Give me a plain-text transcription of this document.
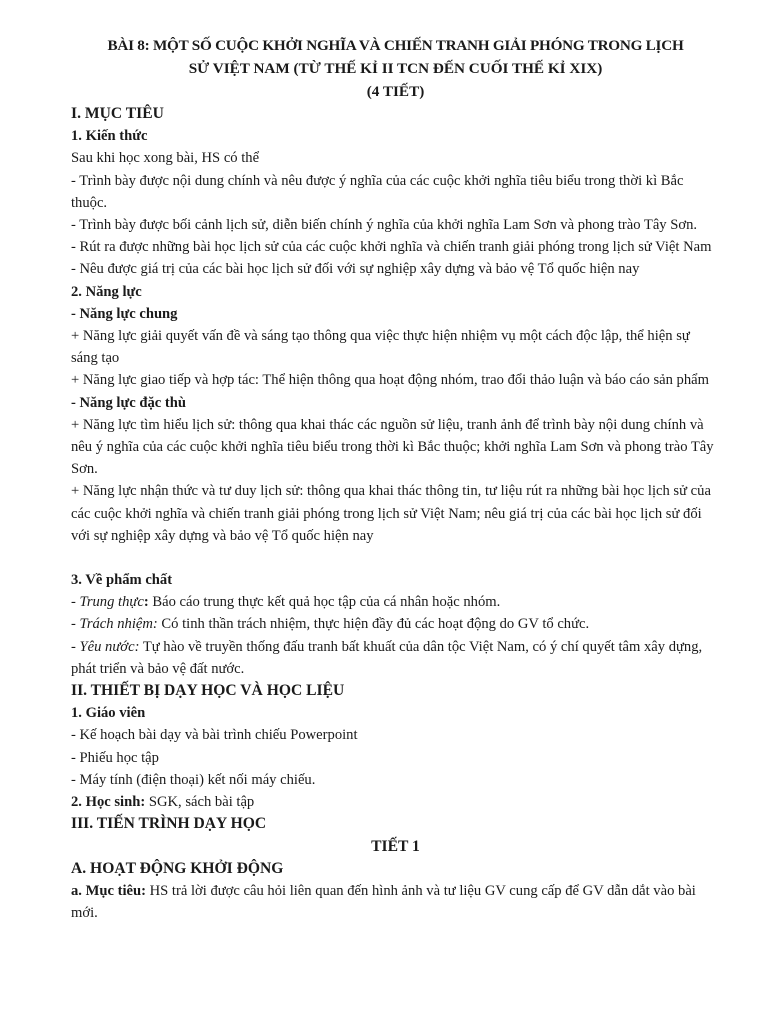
BÀI 8: MỘT SỐ CUỘC KHỞI NGHĨA VÀ CHIẾN TRANH GIẢI PHÓNG TRONG LỊCH

SỬ VIỆT NAM (TỪ THẾ KỈ II TCN ĐẾN CUỐI THẾ KỈ XIX)

(4 TIẾT)

I. MỤC TIÊU

1. Kiến thức

Sau khi học xong bài, HS có thể

- Trình bày được nội dung chính và nêu được ý nghĩa của các cuộc khởi nghĩa tiêu biểu trong thời kì Bắc thuộc.

- Trình bày được bối cảnh lịch sử, diễn biến chính ý nghĩa của khởi nghĩa Lam Sơn và phong trào Tây Sơn.

- Rút ra được những bài học lịch sử của các cuộc khởi nghĩa và chiến tranh giải phóng trong lịch sử Việt Nam

- Nêu được giá trị của các bài học lịch sử đối với sự nghiệp xây dựng và bảo vệ Tổ quốc hiện nay

2. Năng lực

- Năng lực chung

+ Năng lực giải quyết vấn đề và sáng tạo thông qua việc thực hiện nhiệm vụ một cách độc lập, thể hiện sự sáng tạo

+ Năng lực giao tiếp và hợp tác: Thể hiện thông qua hoạt động nhóm, trao đổi thảo luận và báo cáo sản phẩm

- Năng lực đặc thù

+ Năng lực tìm hiểu lịch sử: thông qua khai thác các nguồn sử liệu, tranh ảnh để trình bày nội dung chính và nêu ý nghĩa của các cuộc khởi nghĩa tiêu biểu trong thời kì Bắc thuộc; khởi nghĩa Lam Sơn và phong trào Tây Sơn.

+ Năng lực nhận thức và tư duy lịch sử: thông qua khai thác thông tin, tư liệu rút ra những bài học lịch sử của các cuộc khởi nghĩa và chiến tranh giải phóng trong lịch sử Việt Nam; nêu giá trị của các bài học lịch sử đối với sự nghiệp xây dựng và bảo vệ Tổ quốc hiện nay

3. Về phẩm chất

- Trung thực: Báo cáo trung thực kết quả học tập của cá nhân hoặc nhóm.

- Trách nhiệm: Có tinh thần trách nhiệm, thực hiện đầy đủ các hoạt động do GV tổ chức.

- Yêu nước: Tự hào về truyền thống đấu tranh bất khuất của dân tộc Việt Nam, có ý chí quyết tâm xây dựng, phát triển và bảo vệ đất nước.

II. THIẾT BỊ DẠY HỌC VÀ HỌC LIỆU

1. Giáo viên

- Kế hoạch bài dạy và bài trình chiếu Powerpoint

- Phiếu học tập

- Máy tính (điện thoại) kết nối máy chiếu.

2. Học sinh: SGK, sách bài tập

III. TIẾN TRÌNH DẠY HỌC

TIẾT 1

A. HOẠT ĐỘNG KHỞI ĐỘNG

a. Mục tiêu: HS trả lời được câu hỏi liên quan đến hình ảnh và tư liệu GV cung cấp để GV dẫn dắt vào bài mới.
